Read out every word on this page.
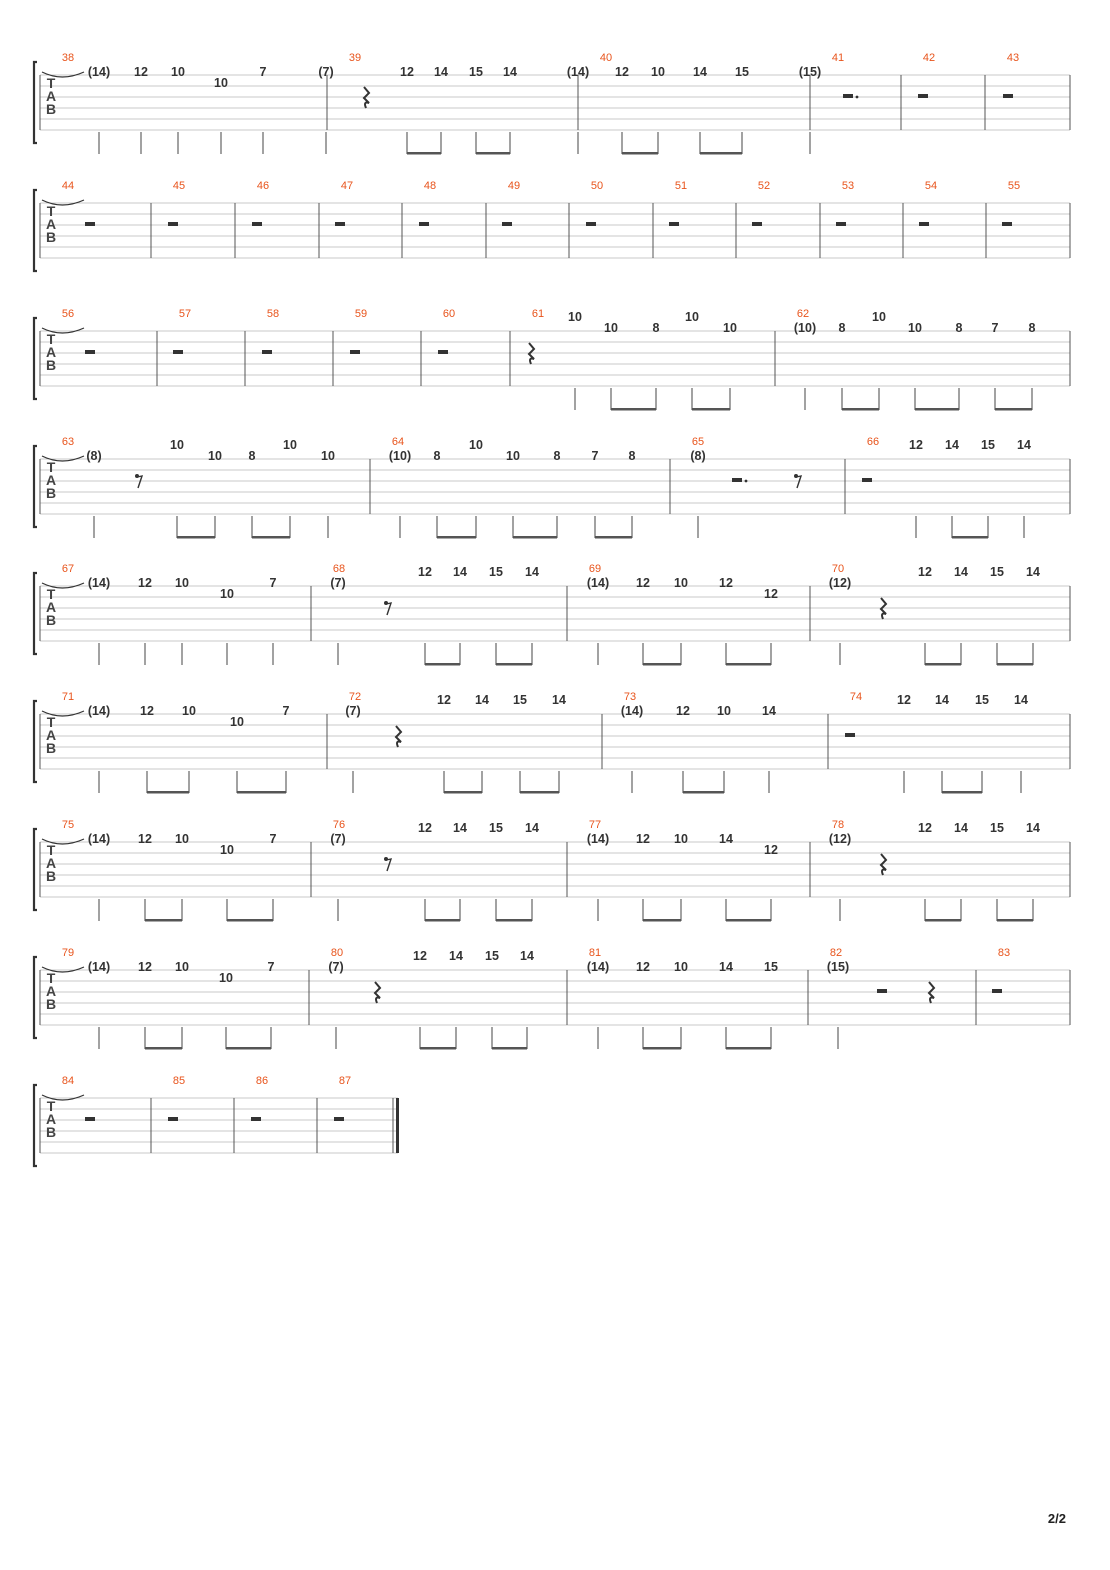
T
A
B
38
(14) 12 10
10
7
39
(7)	12 14 15 14
40
(14) 12 10 14 15
41
(15)
42	43
T
A
B
44	45	46	47	48	49	50	51	52	53	54	55
T
A
B
56	57	58	59	60	61 10
10	8
10
10
62
(10) 8
10
10	8 7 8
T
A
B
63
(8)
10
10 8
10
10
64
(10) 8
10
10	8 7 8
65
(8)
66 12 14 15 14
T
A
B
67
(14) 12 10
10
7
68
(7)
12 14 15 14	69
(14) 12 10 12
12
70
(12)
12 14 15 14
T
A
B
71
(14) 12 10
10
7
72
(7)
12 14 15 14	73
(14)	12 10 14
74	12 14 15 14
T
A
B
75
(14) 12 10
10
7
76
(7)
12 14 15 14	77
(14) 12 10 14
12
78
(12)
12 14 15 14
T
A
B
79
(14) 12 10
10
7
80
(7)
12 14 15 14	81
(14) 12 10 14 15
82
(15)
83
T
A
B
84	85	86	87
2/2
